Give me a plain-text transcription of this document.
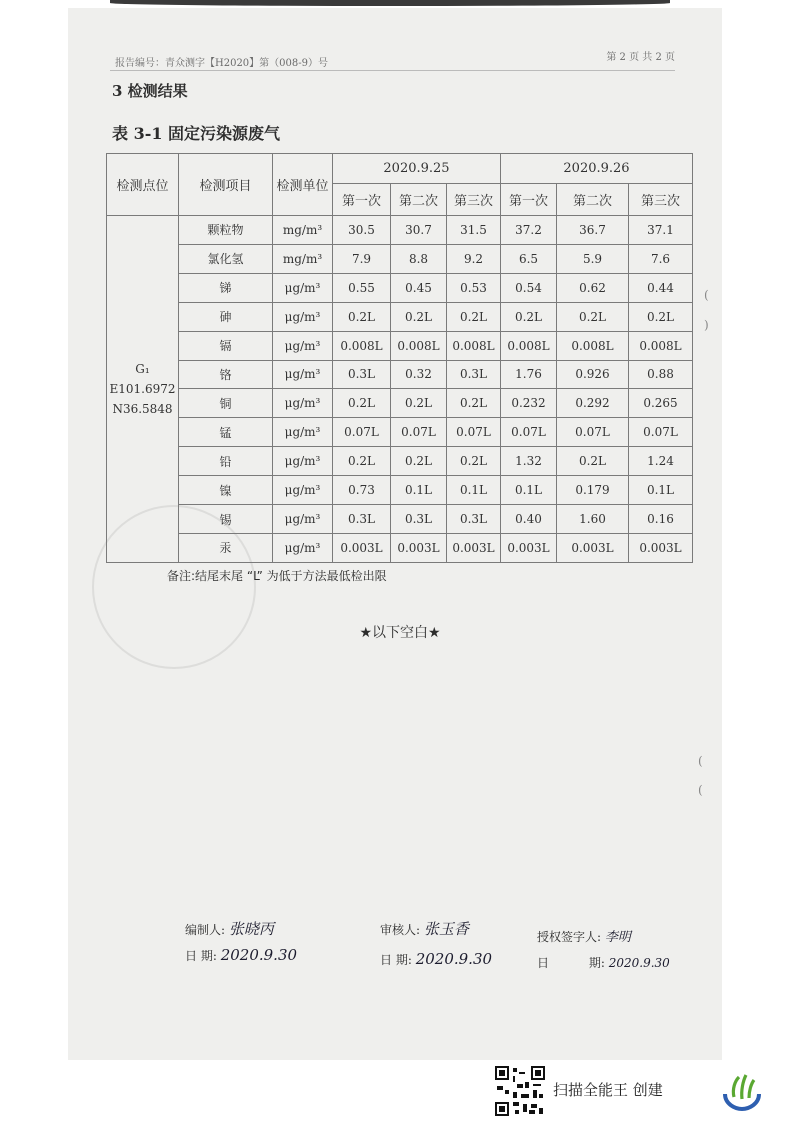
报告编号：青众测字【H2020】第（008-9）号
第 2 页 共 2 页
3 检测结果
表 3-1 固定污染源废气
检测点位	检测项目	检测单位	2020.9.25			2020.9.26		
			第一次	第二次	第三次	第一次	第二次	第三次

G₁
E101.6972
N36.5848	颗粒物	mg/m³	30.5	30.7	31.5	37.2	36.7	37.1
	氯化氢	mg/m³	7.9	8.8	9.2	6.5	5.9	7.6
	锑	μg/m³	0.55	0.45	0.53	0.54	0.62	0.44
	砷	μg/m³	0.2L	0.2L	0.2L	0.2L	0.2L	0.2L
	镉	μg/m³	0.008L	0.008L	0.008L	0.008L	0.008L	0.008L
	铬	μg/m³	0.3L	0.32	0.3L	1.76	0.926	0.88
	铜	μg/m³	0.2L	0.2L	0.2L	0.232	0.292	0.265
	锰	μg/m³	0.07L	0.07L	0.07L	0.07L	0.07L	0.07L
	铅	μg/m³	0.2L	0.2L	0.2L	1.32	0.2L	1.24
	镍	μg/m³	0.73	0.1L	0.1L	0.1L	0.179	0.1L
	锡	μg/m³	0.3L	0.3L	0.3L	0.40	1.60	0.16
	汞	μg/m³	0.003L	0.003L	0.003L	0.003L	0.003L	0.003L
备注:结尾末尾 “L” 为低于方法最低检出限
★以下空白★
编制人: 张晓丙
日 期: 2020.9.30
审核人: 张玉香
日 期: 2020.9.30
授权签字人: 李明
日	期: 2020.9.30
(
)
(
(
扫描全能王 创建
